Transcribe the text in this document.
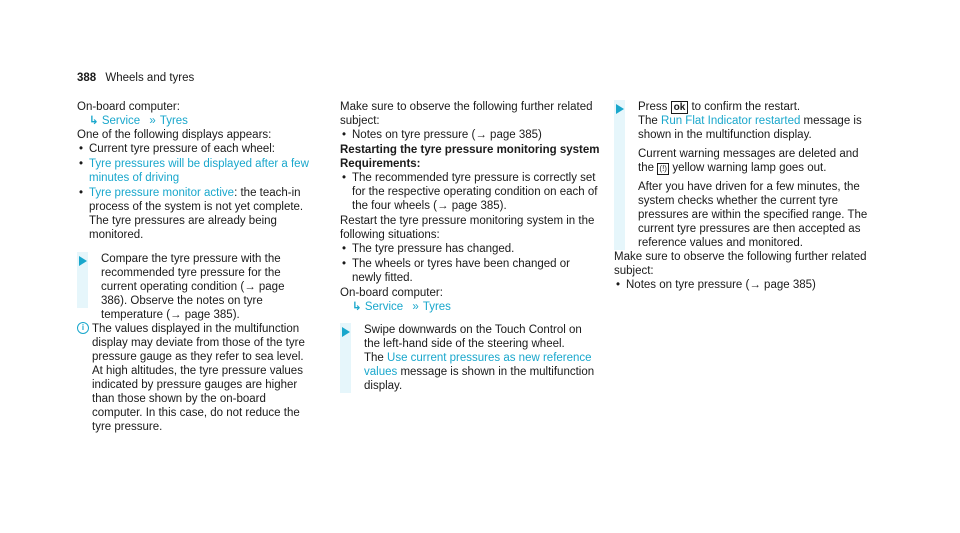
388 Wheels and tyres
On-board computer:
↳ Service » Tyres
One of the following displays appears:
• Current tyre pressure of each wheel:
• Tyre pressures will be displayed after a few minutes of driving
• Tyre pressure monitor active: the teach-in process of the system is not yet complete. The tyre pressures are already being monitored.
Compare the tyre pressure with the recommended tyre pressure for the current operating condition (→ page 386). Observe the notes on tyre temperature (→ page 385).
i The values displayed in the multifunction display may deviate from those of the tyre pressure gauge as they refer to sea level. At high altitudes, the tyre pressure values indicated by pressure gauges are higher than those shown by the on-board computer. In this case, do not reduce the tyre pressure.
Make sure to observe the following further related subject:
• Notes on tyre pressure (→ page 385)
Restarting the tyre pressure monitoring system
Requirements:
• The recommended tyre pressure is correctly set for the respective operating condition on each of the four wheels (→ page 385).
Restart the tyre pressure monitoring system in the following situations:
• The tyre pressure has changed.
• The wheels or tyres have been changed or newly fitted.
On-board computer:
↳ Service » Tyres
Swipe downwards on the Touch Control on the left-hand side of the steering wheel.
The Use current pressures as new reference values message is shown in the multifunction display.
Press ok to confirm the restart.
The Run Flat Indicator restarted message is shown in the multifunction display.
Current warning messages are deleted and the (!) yellow warning lamp goes out.
After you have driven for a few minutes, the system checks whether the current tyre pressures are within the specified range. The current tyre pressures are then accepted as reference values and monitored.
Make sure to observe the following further related subject:
• Notes on tyre pressure (→ page 385)
